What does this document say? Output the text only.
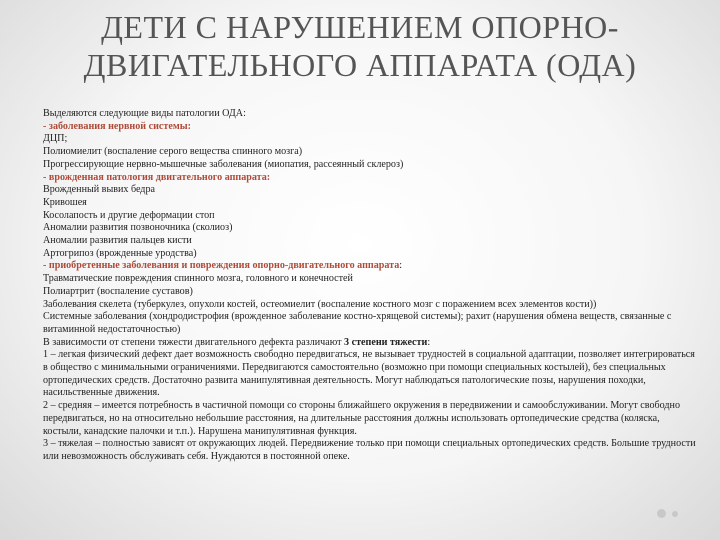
ДЕТИ С НАРУШЕНИЕМ ОПОРНО-ДВИГАТЕЛЬНОГО АППАРАТА (ОДА)

Выделяются следующие виды патологии ОДА:

- заболевания нервной системы:

ДЦП;

Полиомиелит (воспаление серого вещества спинного мозга)

Прогрессирующие нервно-мышечные заболевания (миопатия, рассеянный склероз)

- врожденная патология двигательного аппарата:

Врожденный вывих бедра

Кривошея

Косолапость и другие деформации стоп

Аномалии развития позвоночника (сколиоз)

Аномалии развития пальцев кисти

Артогрипоз (врожденные уродства)

- приобретенные заболевания и повреждения опорно-двигательного аппарата:

Травматические повреждения спинного мозга, головного и конечностей

Полиартрит (воспаление суставов)

Заболевания скелета (туберкулез, опухоли костей, остеомиелит (воспаление костного мозг с поражением всех элементов кости))

Системные заболевания (хондродистрофия (врожденное заболевание костно-хрящевой системы); рахит (нарушения обмена веществ, связанные с витаминной недостаточностью)

В зависимости от степени тяжести двигательного дефекта различают 3 степени тяжести:

1 – легкая физический дефект дает возможность свободно передвигаться, не вызывает трудностей в социальной адаптации, позволяет интегрироваться в общество с минимальными ограничениями. Передвигаются самостоятельно (возможно при помощи специальных костылей), без специальных ортопедических средств. Достаточно развита манипулятивная деятельность. Могут наблюдаться патологические позы, нарушения походки, насильственные движения.

2 – средняя – имеется потребность в частичной помощи со стороны ближайшего окружения в передвижении и самообслуживании. Могут свободно передвигаться, но на относительно небольшие расстояния, на длительные расстояния должны использовать ортопедические средства (коляска, костыли, канадские палочки и т.п.). Нарушена манипулятивная функция.

3 – тяжелая – полностью зависят от окружающих людей. Передвижение только при помощи специальных ортопедических средств. Большие трудности или невозможность обслуживать себя. Нуждаются в постоянной опеке.
